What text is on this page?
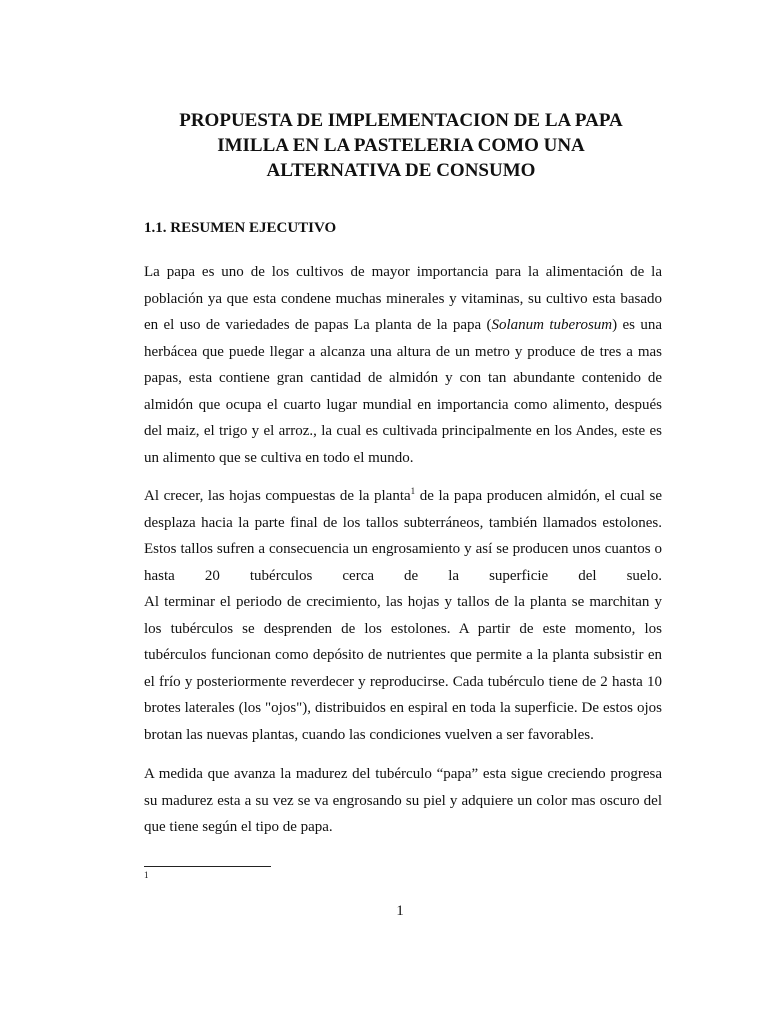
PROPUESTA DE IMPLEMENTACION DE LA PAPA
IMILLA EN LA PASTELERIA COMO UNA
ALTERNATIVA DE CONSUMO
1.1. RESUMEN EJECUTIVO

La papa es uno de los cultivos de mayor importancia para la alimentación de la
población ya que esta condene muchas minerales y vitaminas, su cultivo esta basado
en el uso de variedades de papas La planta de la papa (Solanum tuberosum) es una
herbácea que puede llegar a alcanza una altura de un metro y produce de tres a mas
papas, esta contiene gran cantidad de almidón y con tan abundante contenido de
almidón que ocupa el cuarto lugar mundial en importancia como alimento, después
del maiz, el trigo y el arroz., la cual es cultivada principalmente en los Andes, este es
un alimento que se cultiva en todo el mundo.

Al crecer, las hojas compuestas de la planta$^1$ de la papa producen almidón, el cual se
desplaza hacia la parte final de los tallos subterráneos, también llamados estolones.
Estos tallos sufren a consecuencia un engrosamiento y así se producen unos cuantos o
hasta 20 tubérculos cerca de la superficie del suelo.
Al terminar el periodo de crecimiento, las hojas y tallos de la planta se marchitan y
los tubérculos se desprenden de los estolones. A partir de este momento, los
tubérculos funcionan como depósito de nutrientes que permite a la planta subsistir en
el frío y posteriormente reverdecer y reproducirse. Cada tubérculo tiene de 2 hasta 10
brotes laterales (los "ojos"), distribuidos en espiral en toda la superficie. De estos ojos
brotan las nuevas plantas, cuando las condiciones vuelven a ser favorables.

A medida que avanza la madurez del tubérculo “papa” esta sigue creciendo progresa
su madurez esta a su vez se va engrosando su piel y adquiere un color mas oscuro del
que tiene según el tipo de papa.

1
1
